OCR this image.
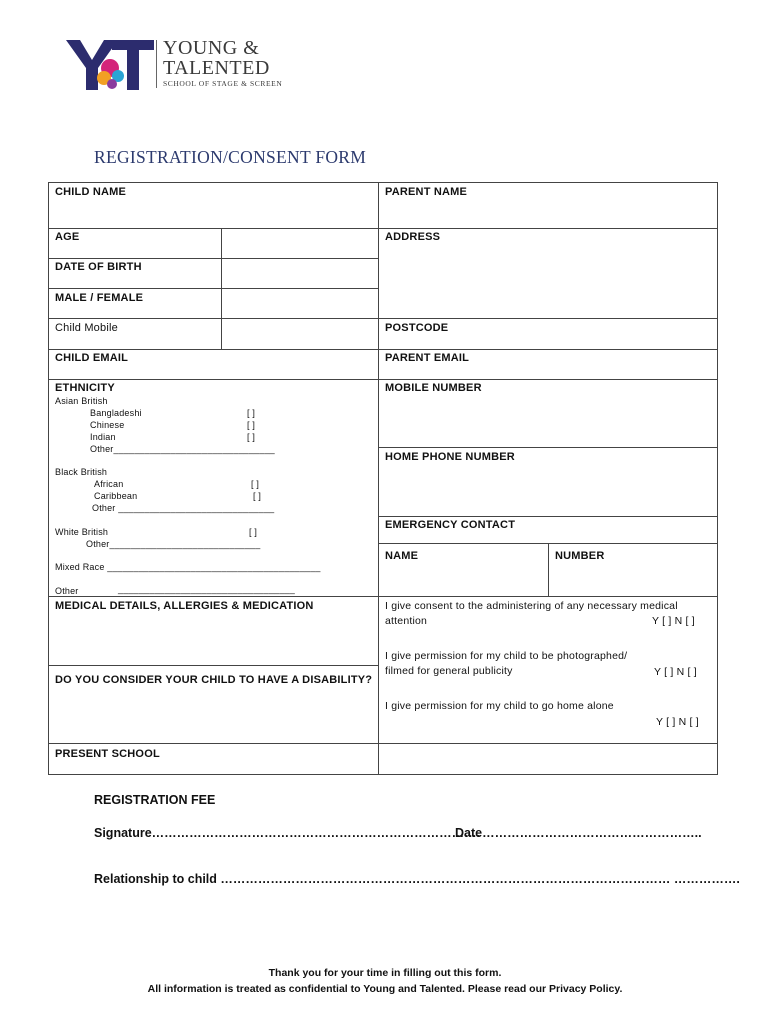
YOUNG &
TALENTED
SCHOOL OF STAGE & SCREEN
REGISTRATION/CONSENT FORM
CHILD NAME	PARENT NAME
AGE	ADDRESS
DATE OF BIRTH
MALE / FEMALE
Child Mobile	POSTCODE
CHILD EMAIL	PARENT EMAIL
ETHNICITY	MOBILE NUMBER
HOME PHONE NUMBER
EMERGENCY CONTACT
NAME	NUMBER
Asian British
Bangladeshi	[ ]
Chinese	[ ]
Indian	[ ]
Other_______________________________
Black British
African	[ ]
Caribbean	[ ]
Other ______________________________
White British	[ ]
Other_____________________________
Mixed Race _________________________________________
Other	__________________________________
MEDICAL DETAILS, ALLERGIES & MEDICATION
DO YOU CONSIDER YOUR CHILD TO HAVE A DISABILITY?
PRESENT SCHOOL
I give consent to the administering of any necessary medical
attention	Y [ ] N [ ]
I give permission for my child to be photographed/
filmed for general publicity	Y [ ] N [ ]
I give permission for my child to go home alone
Y [ ] N [ ]
REGISTRATION FEE
Signature…………………………………………………………………….
Date……………………………………………..
Relationship to child ……………………………………………………………………………………………… …………….
Thank you for your time in filling out this form.
All information is treated as confidential to Young and Talented. Please read our Privacy Policy.
